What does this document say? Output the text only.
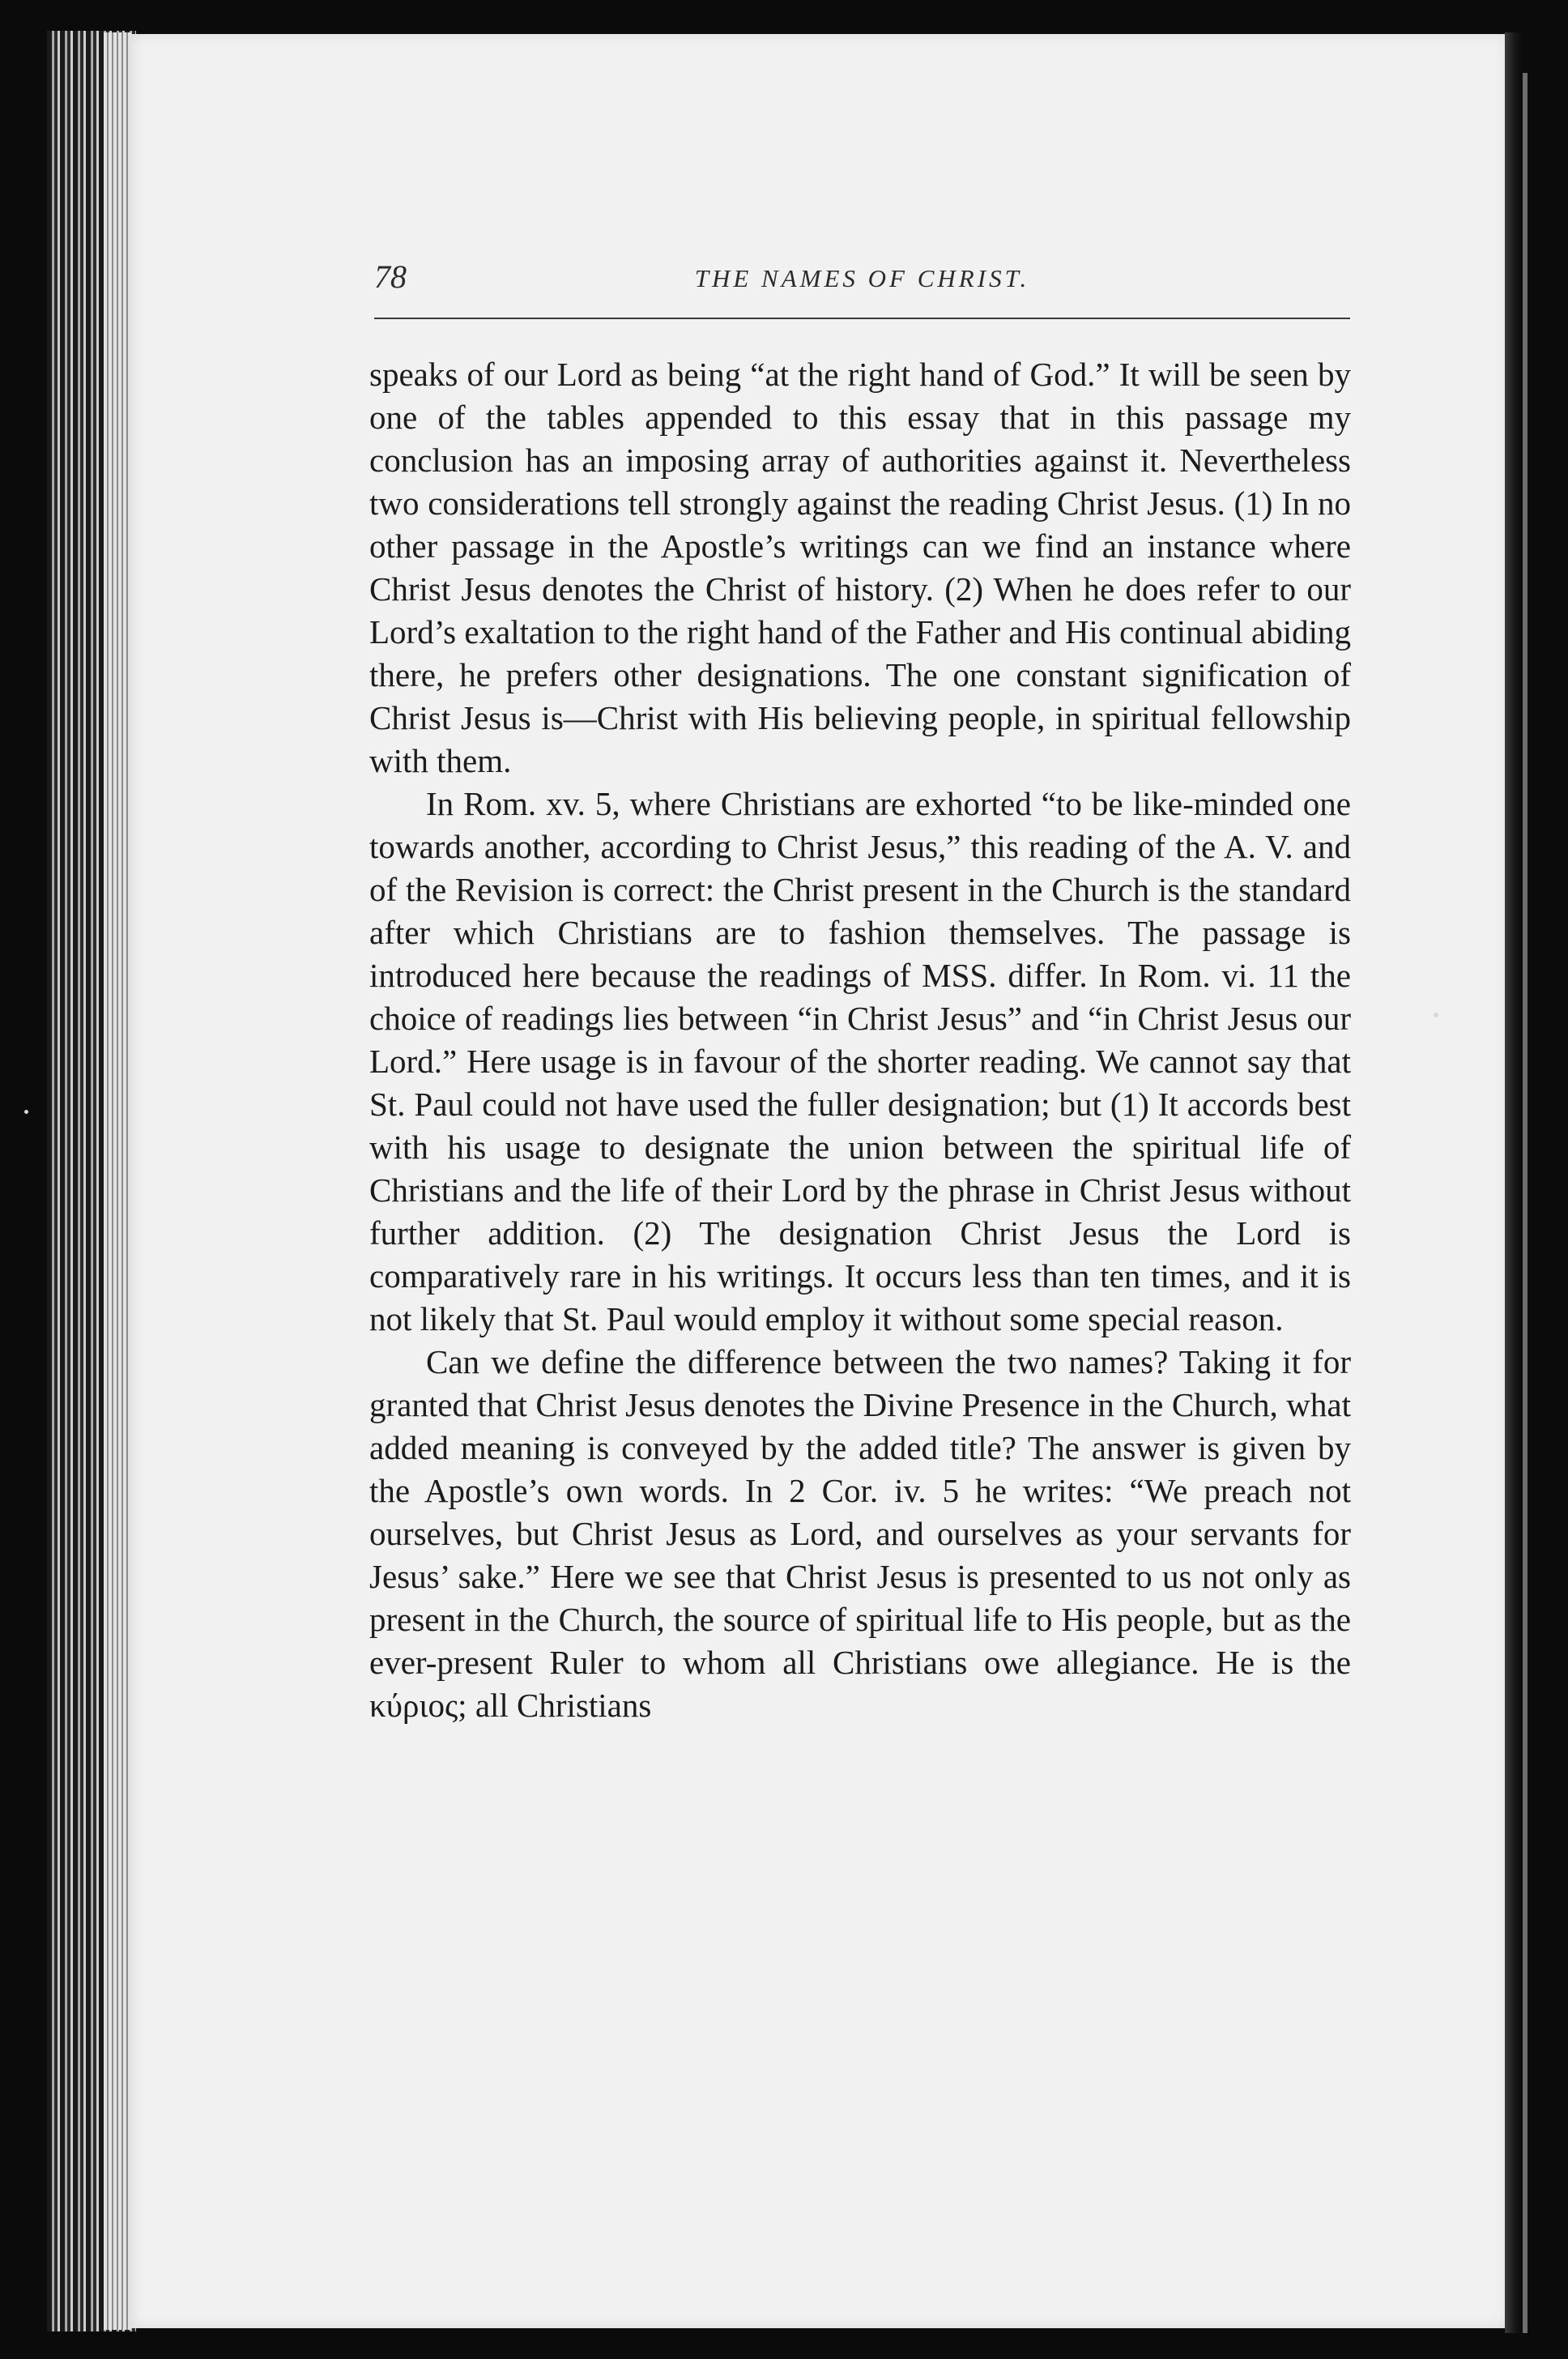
78	THE NAMES OF CHRIST.

speaks of our Lord as being “at the right hand of God.” It will be seen by one of the tables appended to this essay that in this passage my conclusion has an imposing array of authorities against it. Nevertheless two considerations tell strongly against the reading Christ Jesus. (1) In no other passage in the Apostle’s writings can we find an instance where Christ Jesus denotes the Christ of history. (2) When he does refer to our Lord’s exaltation to the right hand of the Father and His continual abiding there, he prefers other designations. The one constant signification of Christ Jesus is—Christ with His believing people, in spiritual fellowship with them.

In Rom. xv. 5, where Christians are exhorted “to be like-minded one towards another, according to Christ Jesus,” this reading of the A. V. and of the Revision is correct: the Christ present in the Church is the standard after which Christians are to fashion themselves. The passage is introduced here because the readings of MSS. differ. In Rom. vi. 11 the choice of readings lies between “in Christ Jesus” and “in Christ Jesus our Lord.” Here usage is in favour of the shorter reading. We cannot say that St. Paul could not have used the fuller designation; but (1) It accords best with his usage to designate the union between the spiritual life of Christians and the life of their Lord by the phrase in Christ Jesus without further addition. (2) The designation Christ Jesus the Lord is comparatively rare in his writings. It occurs less than ten times, and it is not likely that St. Paul would employ it without some special reason.

Can we define the difference between the two names? Taking it for granted that Christ Jesus denotes the Divine Presence in the Church, what added meaning is conveyed by the added title? The answer is given by the Apostle’s own words. In 2 Cor. iv. 5 he writes: “We preach not ourselves, but Christ Jesus as Lord, and ourselves as your servants for Jesus’ sake.” Here we see that Christ Jesus is presented to us not only as present in the Church, the source of spiritual life to His people, but as the ever-present Ruler to whom all Christians owe allegiance. He is the κύριος; all Christians
